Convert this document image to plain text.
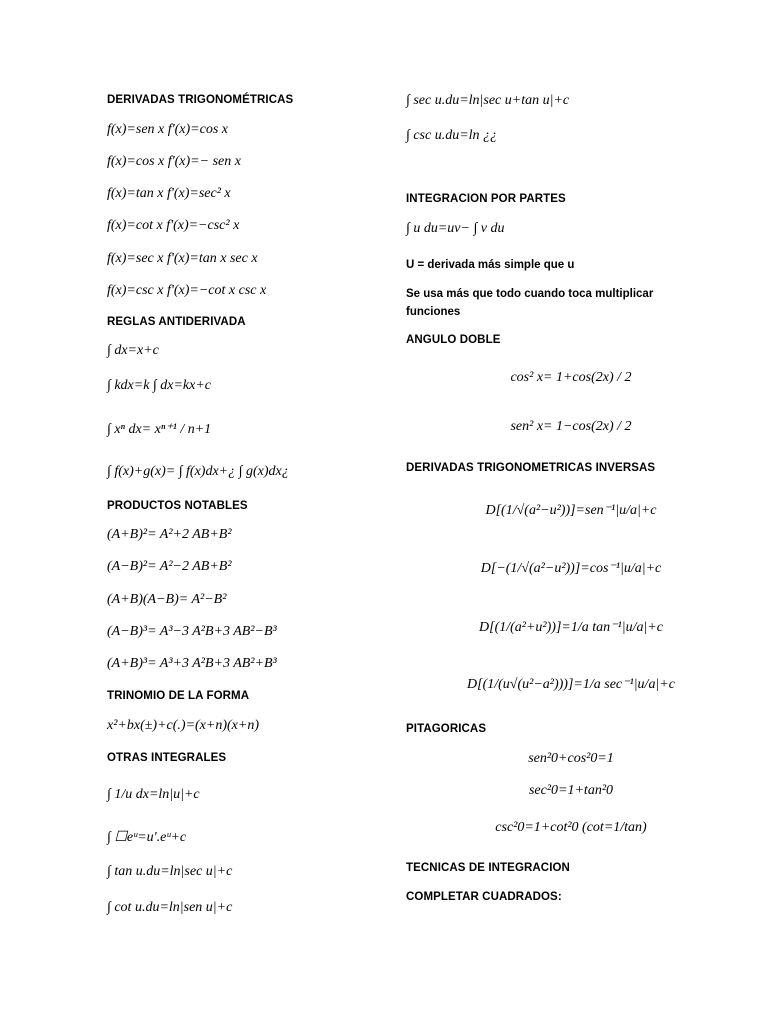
DERIVADAS TRIGONOMÉTRICAS
f(x)=sen x f'(x)=cos x
f(x)=cos x f'(x)=− sen x
f(x)=tan x f'(x)=sec² x
f(x)=cot x f'(x)=−csc² x
f(x)=sec x f'(x)=tan x sec x
f(x)=csc x f'(x)=−cot x csc x
REGLAS ANTIDERIVADA
∫ dx=x+c
∫ kdx=k ∫ dx=kx+c
∫ xⁿ dx= xⁿ⁺¹ / n+1
∫ f(x)+g(x)= ∫ f(x)dx+¿ ∫ g(x)dx¿
PRODUCTOS NOTABLES
(A+B)²= A²+2 AB+B²
(A−B)²= A²−2 AB+B²
(A+B)(A−B)= A²−B²
(A−B)³= A³−3 A²B+3 AB²−B³
(A+B)³= A³+3 A²B+3 AB²+B³
TRINOMIO DE LA FORMA
x²+bx(±)+c(.)=(x+n)(x+n)
OTRAS INTEGRALES
∫ 1/u dx=ln|u|+c
∫ ☐eᵘ=u'.eᵘ+c
∫ tan u.du=ln|sec u|+c
∫ cot u.du=ln|sen u|+c
∫ sec u.du=ln|sec u+tan u|+c
∫ csc u.du=ln ¿¿
INTEGRACION POR PARTES
∫ u du=uv− ∫ v du
U = derivada más simple que u
Se usa más que todo cuando toca multiplicar funciones
ANGULO DOBLE
cos² x= 1+cos(2x) / 2
sen² x= 1−cos(2x) / 2
DERIVADAS TRIGONOMETRICAS INVERSAS
D[(1/√(a²−u²))]=sen⁻¹|u/a|+c
D[−(1/√(a²−u²))]=cos⁻¹|u/a|+c
D[(1/(a²+u²))]=1/a tan⁻¹|u/a|+c
D[(1/(u√(u²−a²)))]=1/a sec⁻¹|u/a|+c
PITAGORICAS
sen²0+cos²0=1
sec²0=1+tan²0
csc²0=1+cot²0 (cot=1/tan)
TECNICAS DE INTEGRACION
COMPLETAR CUADRADOS:
